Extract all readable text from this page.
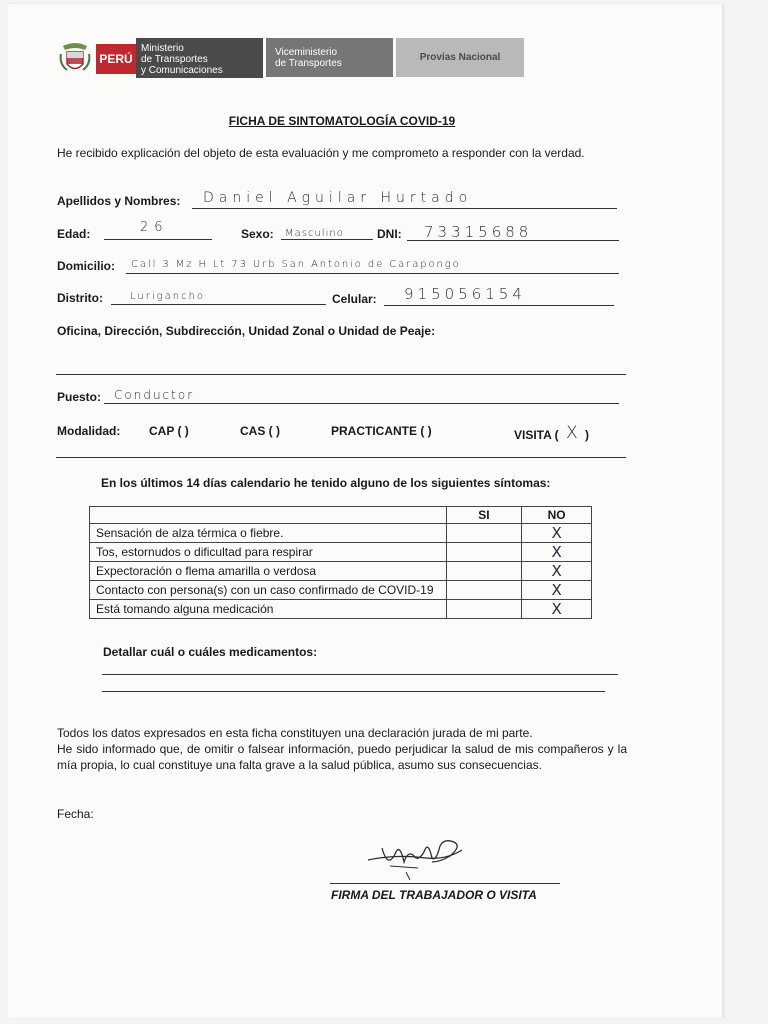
PERÚ
Ministerio
de Transportes
y Comunicaciones
Viceministerio
de Transportes	Provías Nacional
FICHA DE SINTOMATOLOGÍA COVID-19
He recibido explicación del objeto de esta evaluación y me comprometo a responder con la verdad.
Apellidos y Nombres: Daniel Aguilar Hurtado
Edad:	26	Sexo: Masculino	DNI: 73315688
Domicilio: Call 3 Mz H Lt 73 Urb San Antonio de Carapongo
Distrito:	Lurigancho	Celular: 915056154
Oficina, Dirección, Subdirección, Unidad Zonal o Unidad de Peaje:
Puesto: Conductor
Modalidad: CAP ( )	CAS ( )	PRACTICANTE ( )	VISITA ( X )
En los últimos 14 días calendario he tenido alguno de los siguientes síntomas:
	SI	NO
Sensación de alza térmica o fiebre.		X
Tos, estornudos o dificultad para respirar		X
Expectoración o flema amarilla o verdosa		X
Contacto con persona(s) con un caso confirmado de COVID-19		X
Está tomando alguna medicación		X
Detallar cuál o cuáles medicamentos:
Todos los datos expresados en esta ficha constituyen una declaración jurada de mi parte.
He sido informado que, de omitir o falsear información, puedo perjudicar la salud de mis compañeros y la mía propia, lo cual constituye una falta grave a la salud pública, asumo sus consecuencias.
Fecha:
FIRMA DEL TRABAJADOR O VISITA
